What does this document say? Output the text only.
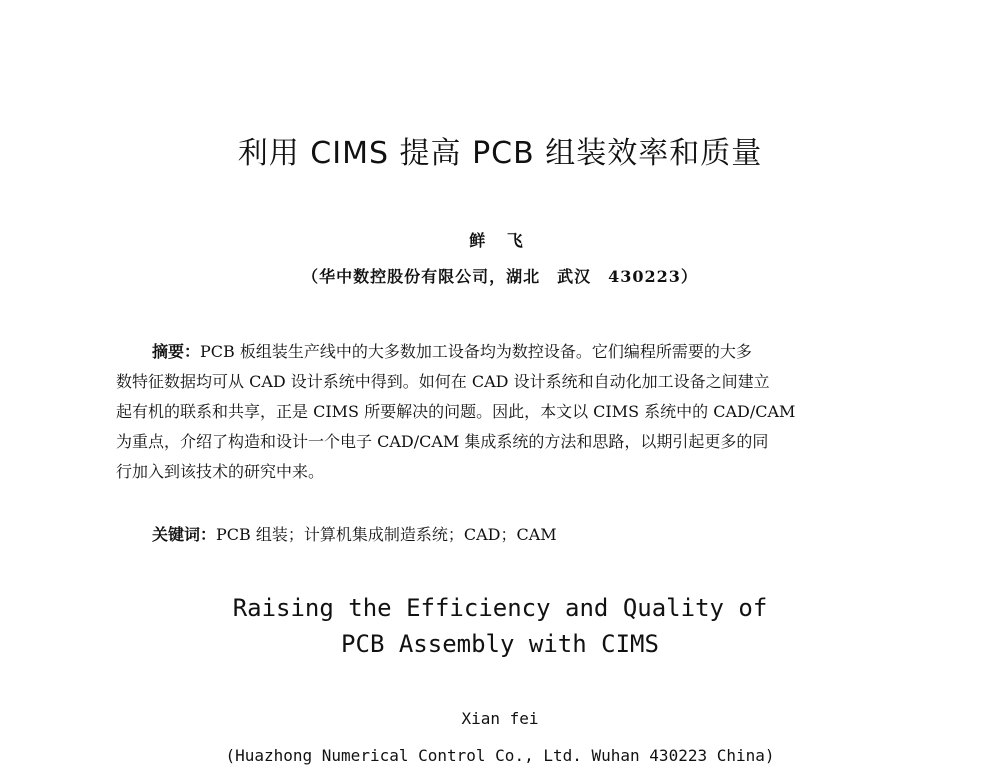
利用 CIMS 提高 PCB 组装效率和质量
鲜 飞
（华中数控股份有限公司，湖北　武汉　430223）
摘要：PCB 板组装生产线中的大多数加工设备均为数控设备。它们编程所需要的大多
数特征数据均可从 CAD 设计系统中得到。如何在 CAD 设计系统和自动化加工设备之间建立
起有机的联系和共享，正是 CIMS 所要解决的问题。因此，本文以 CIMS 系统中的 CAD/CAM
为重点，介绍了构造和设计一个电子 CAD/CAM 集成系统的方法和思路，以期引起更多的同
行加入到该技术的研究中来。
关键词：PCB 组装；计算机集成制造系统；CAD；CAM
Raising the Efficiency and Quality of
PCB Assembly with CIMS
Xian fei
(Huazhong Numerical Control Co., Ltd. Wuhan 430223 China)
